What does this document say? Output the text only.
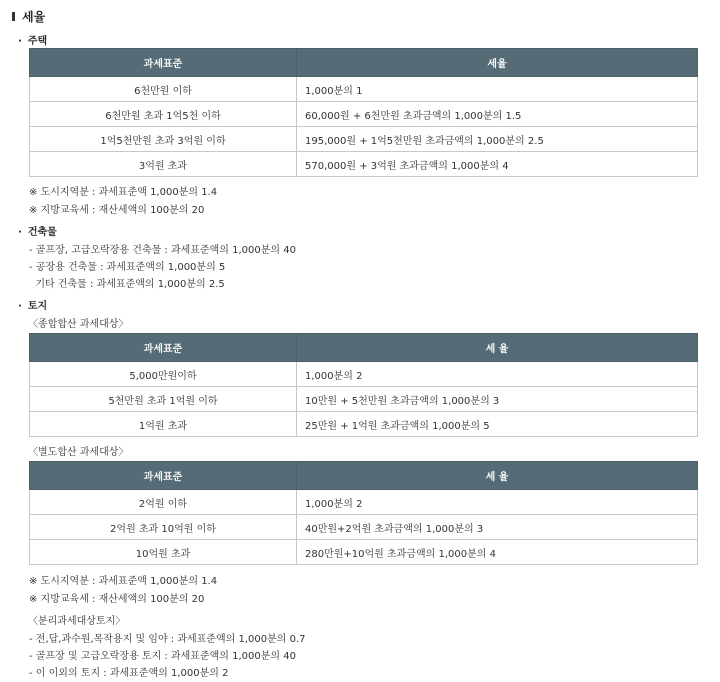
세율
· 주택
과세표준	세율
6천만원 이하	1,000분의 1
6천만원 초과 1억5천 이하	60,000원 + 6천만원 초과금액의 1,000분의 1.5
1억5천만원 초과 3억원 이하	195,000원 + 1억5천만원 초과금액의 1,000분의 2.5
3억원 초과	570,000원 + 3억원 초과금액의 1,000분의 4
※ 도시지역분 : 과세표준액 1,000분의 1.4
※ 지방교육세 : 재산세액의 100분의 20
· 건축물
- 골프장, 고급오락장용 건축물 : 과세표준액의 1,000분의 40
- 공장용 건축물 : 과세표준액의 1,000분의 5
기타 건축물 : 과세표준액의 1,000분의 2.5
· 토지
〈종합합산 과세대상〉
과세표준	세 율
5,000만원이하	1,000분의 2
5천만원 초과 1억원 이하	10만원 + 5천만원 초과금액의 1,000분의 3
1억원 초과	25만원 + 1억원 초과금액의 1,000분의 5
〈별도합산 과세대상〉
과세표준	세 율
2억원 이하	1,000분의 2
2억원 초과 10억원 이하	40만원+2억원 초과금액의 1,000분의 3
10억원 초과	280만원+10억원 초과금액의 1,000분의 4
※ 도시지역분 : 과세표준액 1,000분의 1.4
※ 지방교육세 : 재산세액의 100분의 20
〈분리과세대상토지〉
- 전,답,과수원,목작용지 및 임야 : 과세표준액의 1,000분의 0.7
- 골프장 및 고급오락장용 토지 : 과세표준액의 1,000분의 40
- 이 이외의 토지 : 과세표준액의 1,000분의 2
